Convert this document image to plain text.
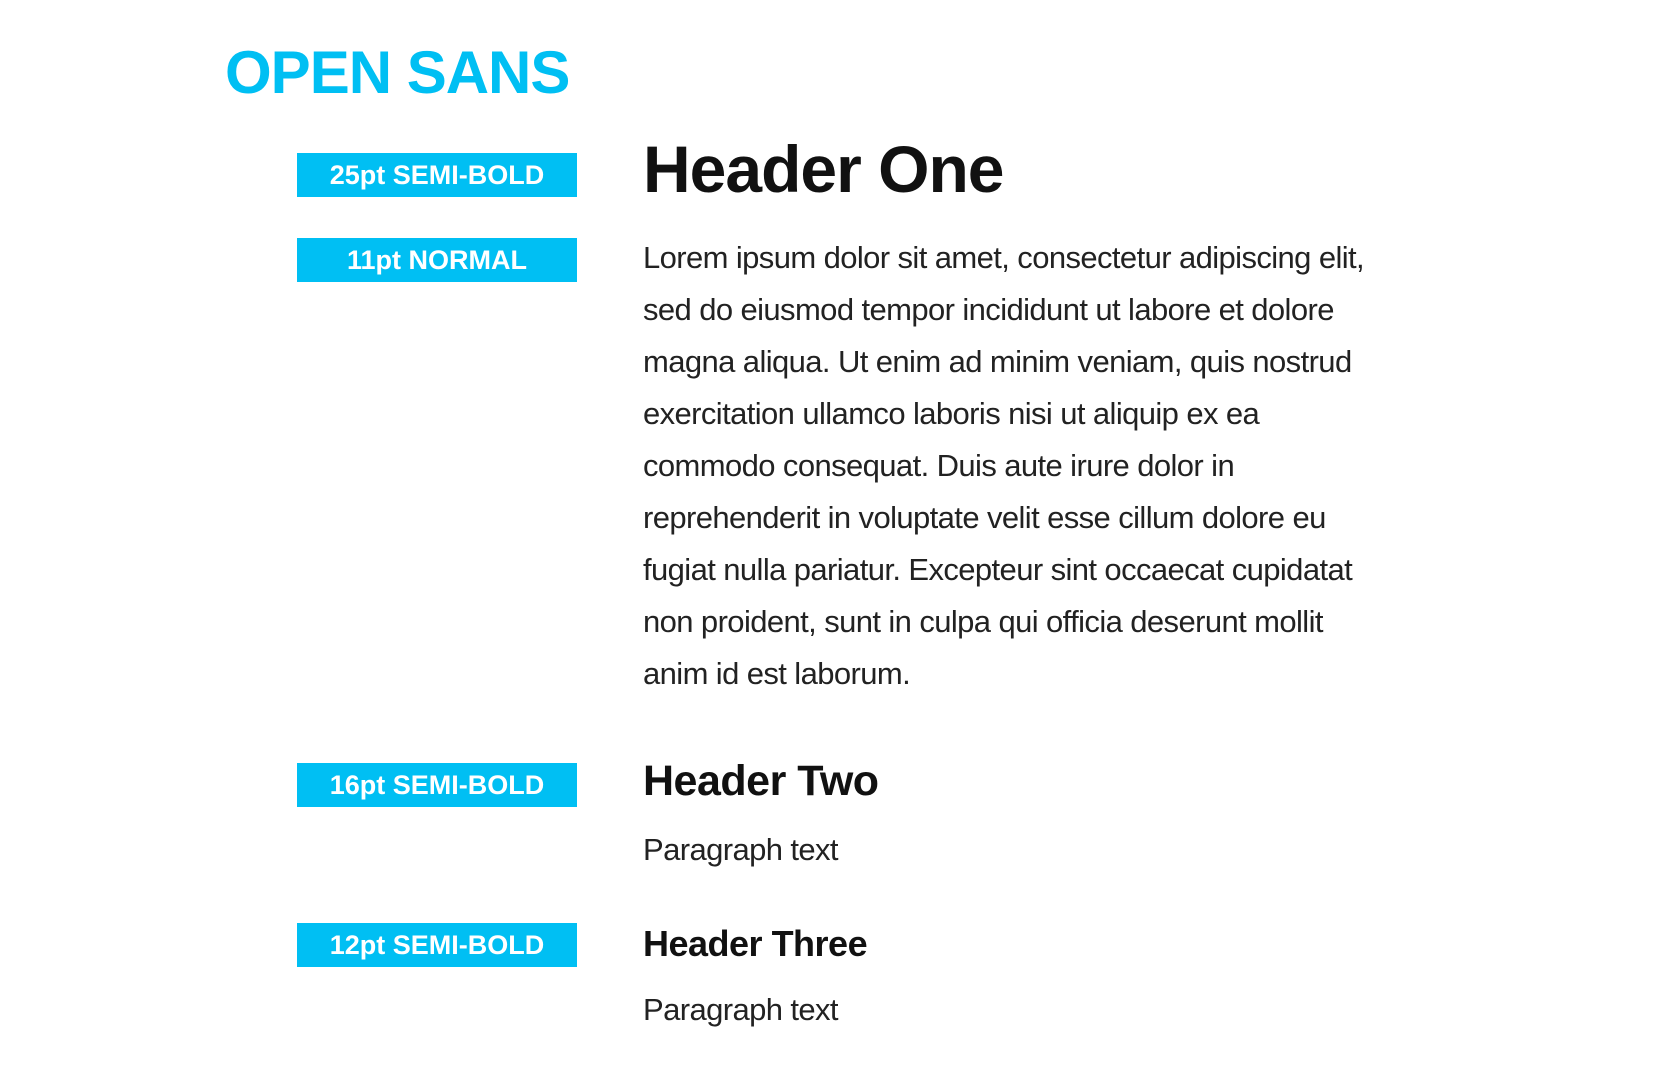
OPEN SANS
25pt SEMI-BOLD
11pt NORMAL
Header One
Lorem ipsum dolor sit amet, consectetur adipiscing elit,
sed do eiusmod tempor incididunt ut labore et dolore
magna aliqua. Ut enim ad minim veniam, quis nostrud
exercitation ullamco laboris nisi ut aliquip ex ea
commodo consequat. Duis aute irure dolor in
reprehenderit in voluptate velit esse cillum dolore eu
fugiat nulla pariatur. Excepteur sint occaecat cupidatat
non proident, sunt in culpa qui officia deserunt mollit
anim id est laborum.
16pt SEMI-BOLD	Header Two
Paragraph text
12pt SEMI-BOLD	Header Three
Paragraph text
